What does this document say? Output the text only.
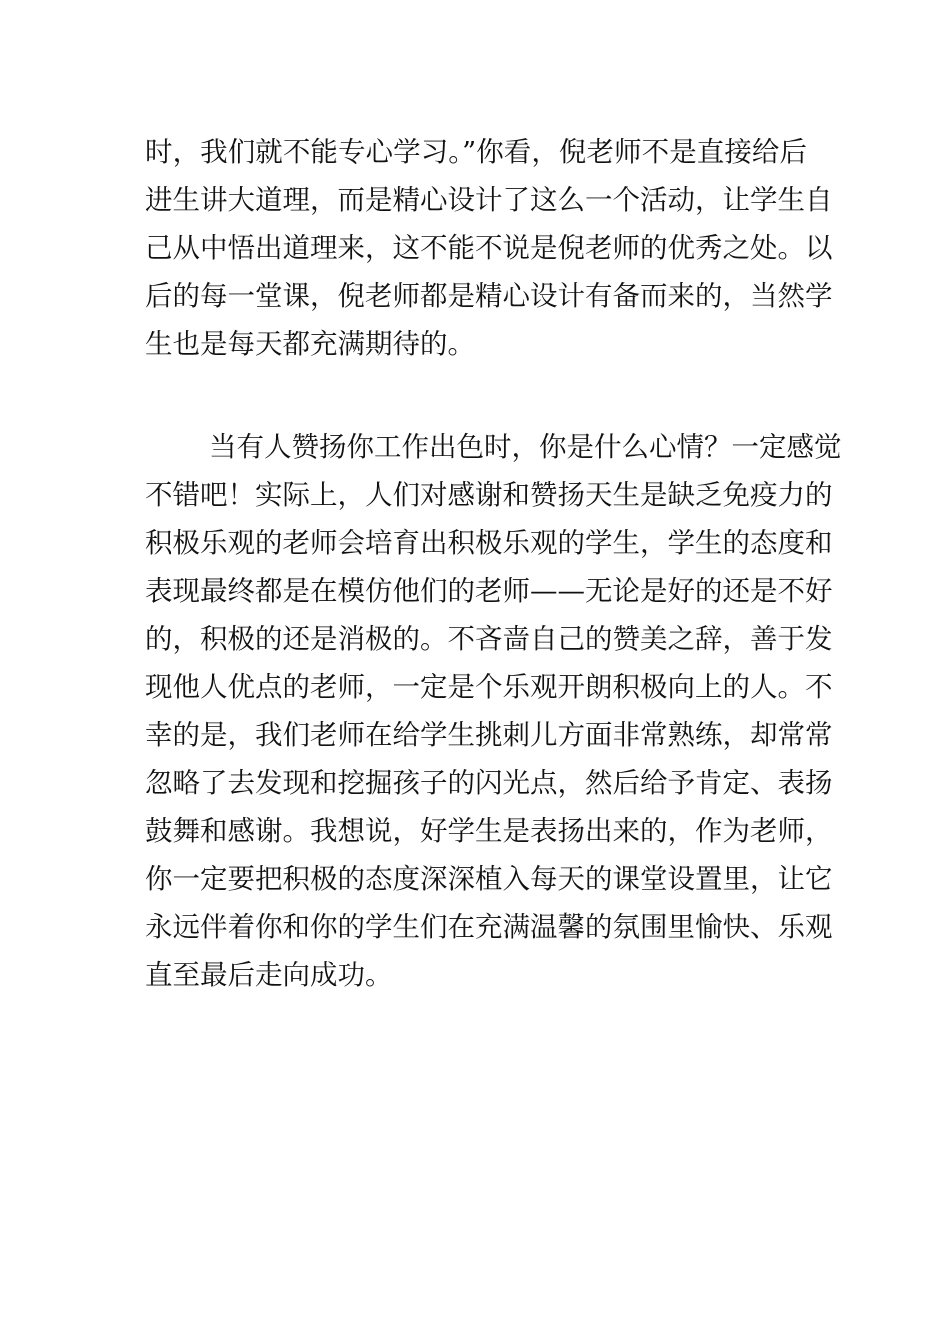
时，我们就不能专心学习。”你看，倪老师不是直接给后
进生讲大道理，而是精心设计了这么一个活动，让学生自
己从中悟出道理来，这不能不说是倪老师的优秀之处。以
后的每一堂课，倪老师都是精心设计有备而来的，当然学
生也是每天都充满期待的。
当有人赞扬你工作出色时，你是什么心情？一定感觉
不错吧！实际上，人们对感谢和赞扬天生是缺乏免疫力的
积极乐观的老师会培育出积极乐观的学生，学生的态度和
表现最终都是在模仿他们的老师——无论是好的还是不好
的，积极的还是消极的。不吝啬自己的赞美之辞，善于发
现他人优点的老师，一定是个乐观开朗积极向上的人。不
幸的是，我们老师在给学生挑刺儿方面非常熟练，却常常
忽略了去发现和挖掘孩子的闪光点，然后给予肯定、表扬
鼓舞和感谢。我想说，好学生是表扬出来的，作为老师，
你一定要把积极的态度深深植入每天的课堂设置里，让它
永远伴着你和你的学生们在充满温馨的氛围里愉快、乐观
直至最后走向成功。
